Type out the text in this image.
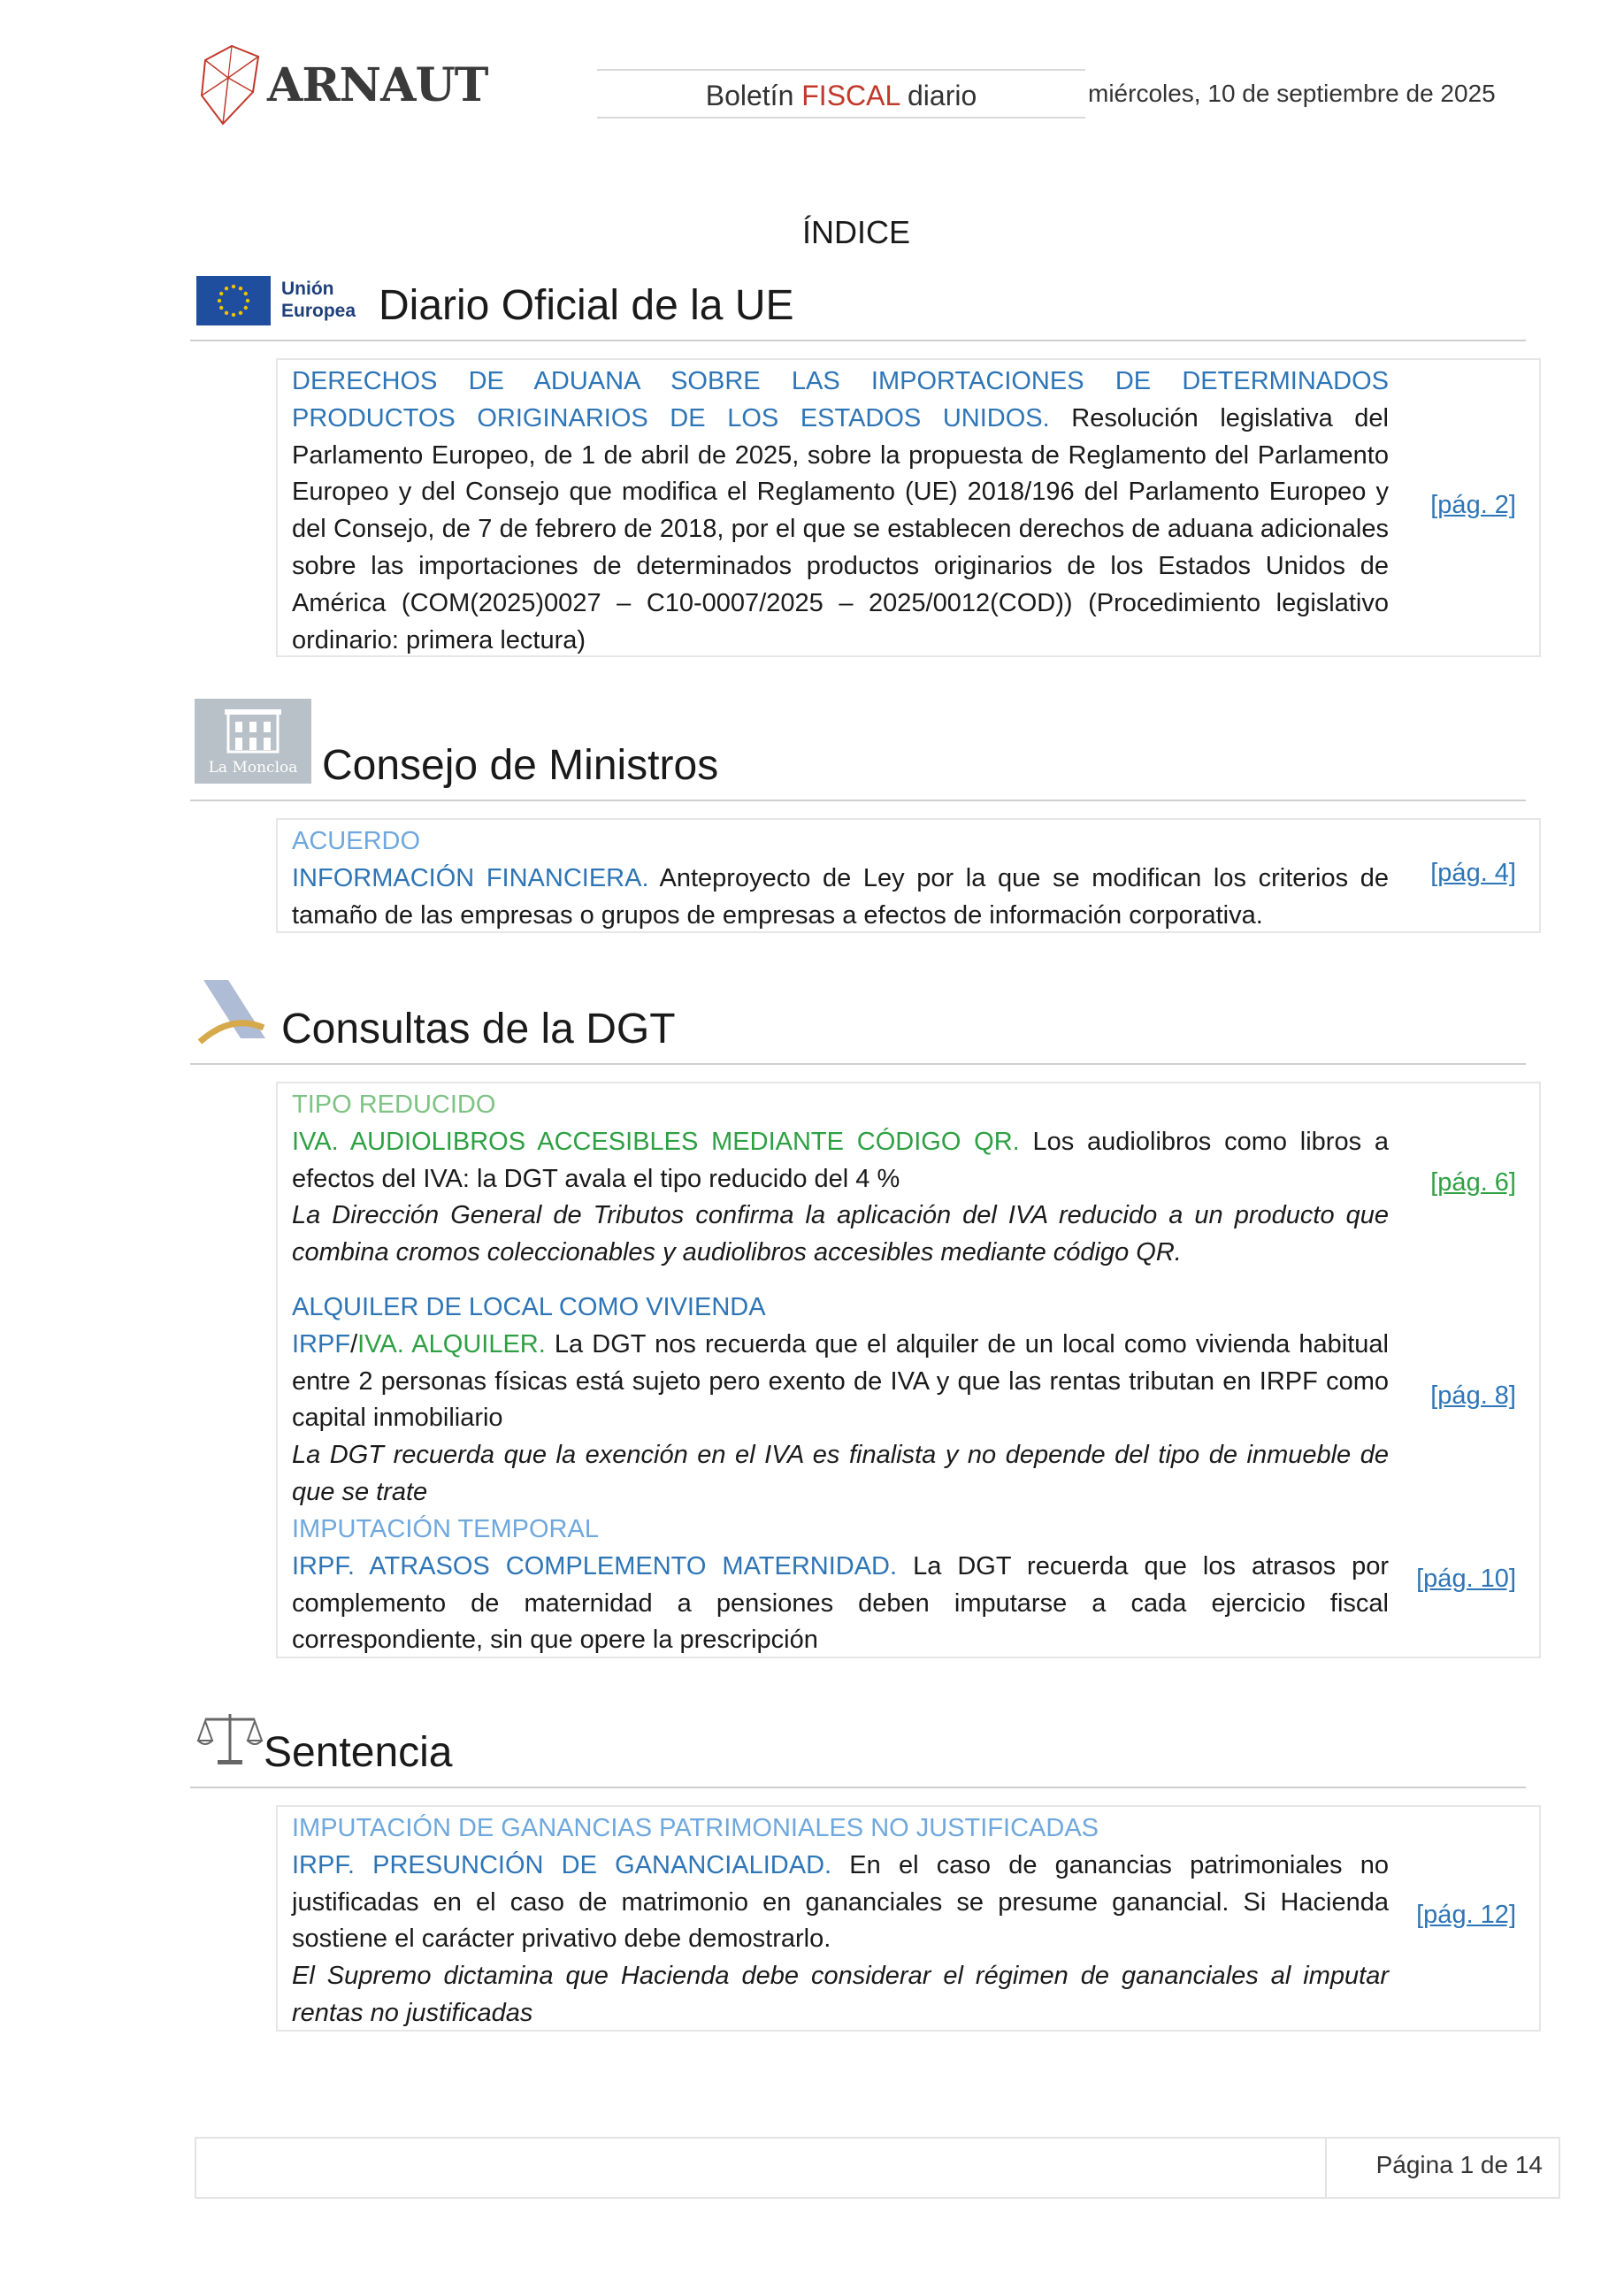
ARNAUT	Boletín FISCAL diario	miércoles, 10 de septiembre de 2025
ÍNDICE
Unión
Europea Diario Oficial de la UE

DERECHOS DE ADUANA SOBRE LAS IMPORTACIONES DE DETERMINADOS PRODUCTOS ORIGINARIOS DE LOS ESTADOS UNIDOS. Resolución legislativa del Parlamento Europeo, de 1 de abril de 2025, sobre la propuesta de Reglamento del Parlamento Europeo y del Consejo que modifica el Reglamento (UE) 2018/196 del Parlamento Europeo y del Consejo, de 7 de febrero de 2018, por el que se establecen derechos de aduana adicionales sobre las importaciones de determinados productos originarios de los Estados Unidos de América (COM(2025)0027 – C10-0007/2025 – 2025/0012(COD)) (Procedimiento legislativo ordinario: primera lectura)

[pág. 2]
La Moncloa Consejo de Ministros

ACUERDO

INFORMACIÓN FINANCIERA. Anteproyecto de Ley por la que se modifican los criterios de tamaño de las empresas o grupos de empresas a efectos de información corporativa.

[pág. 4]
Consultas de la DGT

TIPO REDUCIDO

IVA. AUDIOLIBROS ACCESIBLES MEDIANTE CÓDIGO QR. Los audiolibros como libros a efectos del IVA: la DGT avala el tipo reducido del 4 %

La Dirección General de Tributos confirma la aplicación del IVA reducido a un producto que combina cromos coleccionables y audiolibros accesibles mediante código QR.

[pág. 6]

ALQUILER DE LOCAL COMO VIVIENDA

IRPF/IVA. ALQUILER. La DGT nos recuerda que el alquiler de un local como vivienda habitual entre 2 personas físicas está sujeto pero exento de IVA y que las rentas tributan en IRPF como capital inmobiliario

La DGT recuerda que la exención en el IVA es finalista y no depende del tipo de inmueble de que se trate

[pág. 8]

IMPUTACIÓN TEMPORAL

IRPF. ATRASOS COMPLEMENTO MATERNIDAD. La DGT recuerda que los atrasos por complemento de maternidad a pensiones deben imputarse a cada ejercicio fiscal correspondiente, sin que opere la prescripción

[pág. 10]
Sentencia

IMPUTACIÓN DE GANANCIAS PATRIMONIALES NO JUSTIFICADAS

IRPF. PRESUNCIÓN DE GANANCIALIDAD. En el caso de ganancias patrimoniales no justificadas en el caso de matrimonio en gananciales se presume ganancial. Si Hacienda sostiene el carácter privativo debe demostrarlo.

El Supremo dictamina que Hacienda debe considerar el régimen de gananciales al imputar rentas no justificadas

[pág. 12]
Página 1 de 14
